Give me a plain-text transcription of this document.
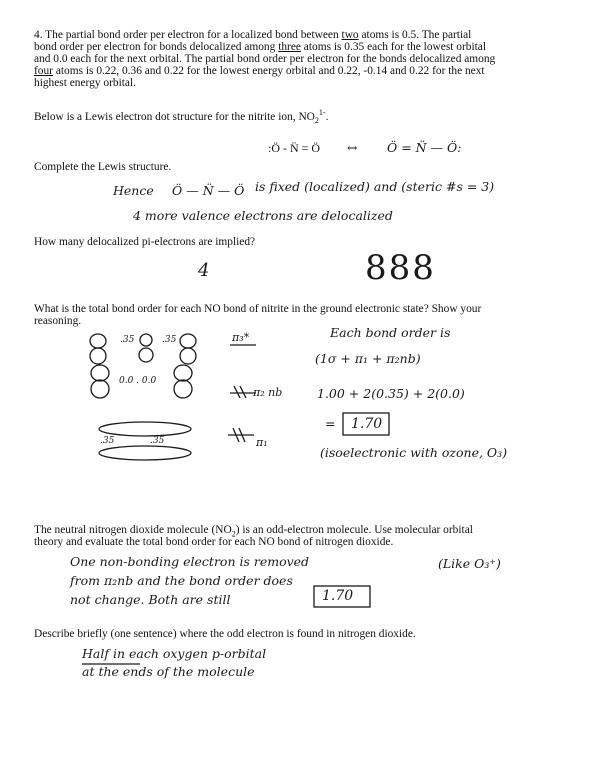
4. The partial bond order per electron for a localized bond between two atoms is 0.5. The partial
bond order per electron for bonds delocalized among three atoms is 0.35 each for the lowest orbital
and 0.0 each for the next orbital. The partial bond order per electron for the bonds delocalized among
four atoms is 0.22, 0.36 and 0.22 for the lowest energy orbital and 0.22, -0.14 and 0.22 for the next
highest energy orbital.
Below is a Lewis electron dot structure for the nitrite ion, $NO_2^{1-}$.
:Ö - N̈ = Ö ↔ Ö = N̈ — Ö:
Complete the Lewis structure.
Hence Ö — N̈ — Ö is fixed (localized) and (steric #s = 3)
4 more valence electrons are delocalized
How many delocalized pi-electrons are implied?
4	888
What is the total bond order for each NO bond of nitrite in the ground electronic state? Show your
reasoning.
.35	.35
0.0 . 0.0
.35	.35
π₃*
π₂ nb
π₁
Each bond order is
(1σ + π₁ + π₂nb)
1.00 + 2(0.35) + 2(0.0)
= 1.70
(isoelectronic with ozone, O₃)
The neutral nitrogen dioxide molecule $(NO_2)$ is an odd-electron molecule. Use molecular orbital
theory and evaluate the total bond order for each NO bond of nitrogen dioxide.
One non-bonding electron is removed	(Like O₃⁺)
from π₂nb and the bond order does
not change. Both are still	1.70
Describe briefly (one sentence) where the odd electron is found in nitrogen dioxide.
Half in each oxygen p-orbital
at the ends of the molecule
